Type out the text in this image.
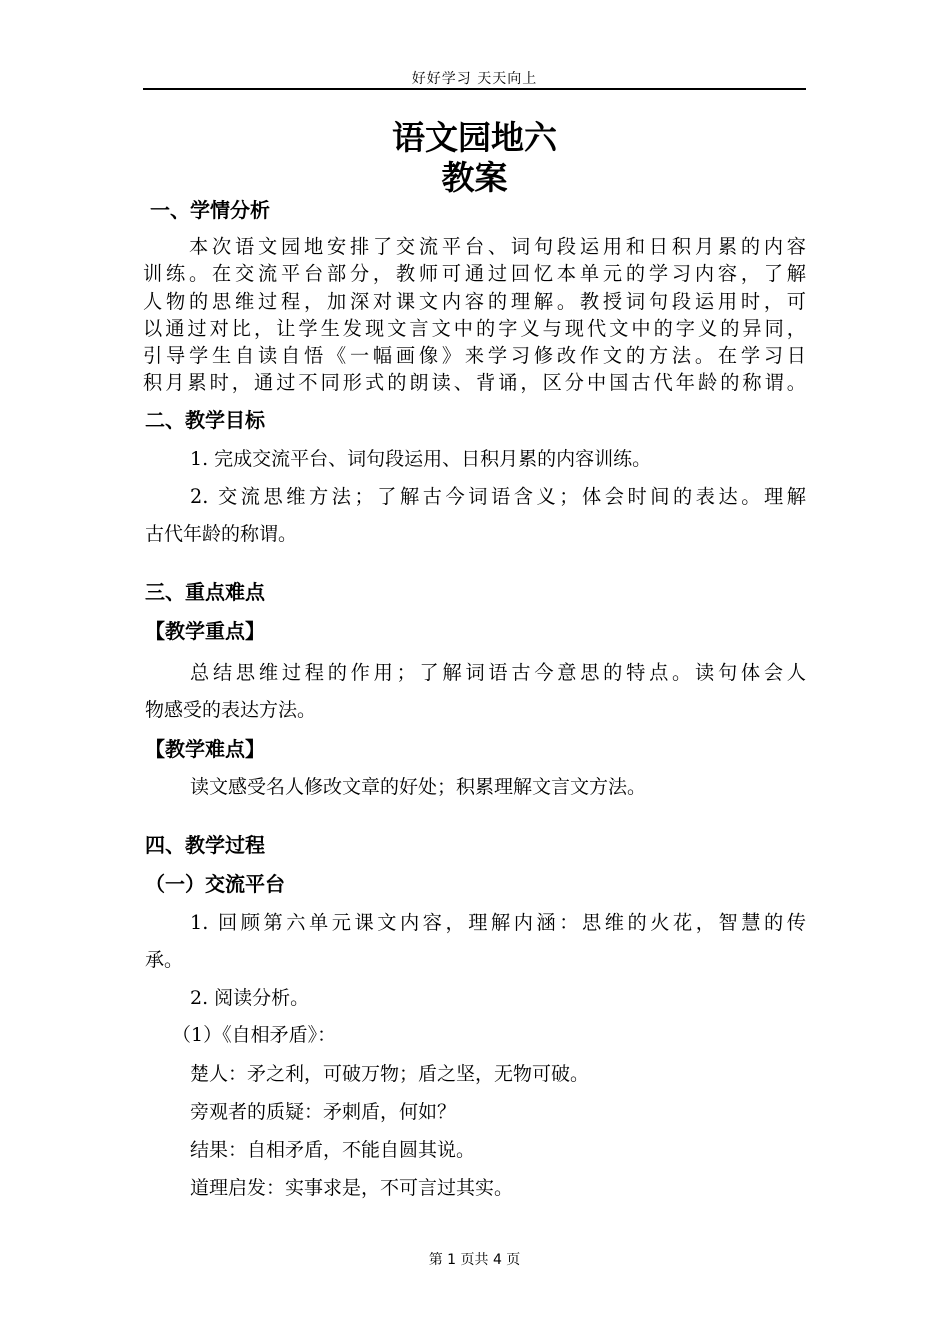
好好学习 天天向上
语文园地六
教案
一、学情分析
本次语文园地安排了交流平台、词句段运用和日积月累的内容
训练。在交流平台部分，教师可通过回忆本单元的学习内容，了解
人物的思维过程，加深对课文内容的理解。教授词句段运用时，可
以通过对比，让学生发现文言文中的字义与现代文中的字义的异同，
引导学生自读自悟《一幅画像》来学习修改作文的方法。在学习日
积月累时，通过不同形式的朗读、背诵，区分中国古代年龄的称谓。
二、教学目标
1. 完成交流平台、词句段运用、日积月累的内容训练。
2. 交流思维方法；了解古今词语含义；体会时间的表达。理解
古代年龄的称谓。
三、重点难点
【教学重点】
总结思维过程的作用；了解词语古今意思的特点。读句体会人
物感受的表达方法。
【教学难点】
读文感受名人修改文章的好处；积累理解文言文方法。
四、教学过程
（一）交流平台
1. 回顾第六单元课文内容，理解内涵：思维的火花，智慧的传
承。
2. 阅读分析。
（1）《自相矛盾》：
楚人：矛之利，可破万物；盾之坚，无物可破。
旁观者的质疑：矛刺盾，何如？
结果：自相矛盾，不能自圆其说。
道理启发：实事求是，不可言过其实。
第 1 页共 4 页
